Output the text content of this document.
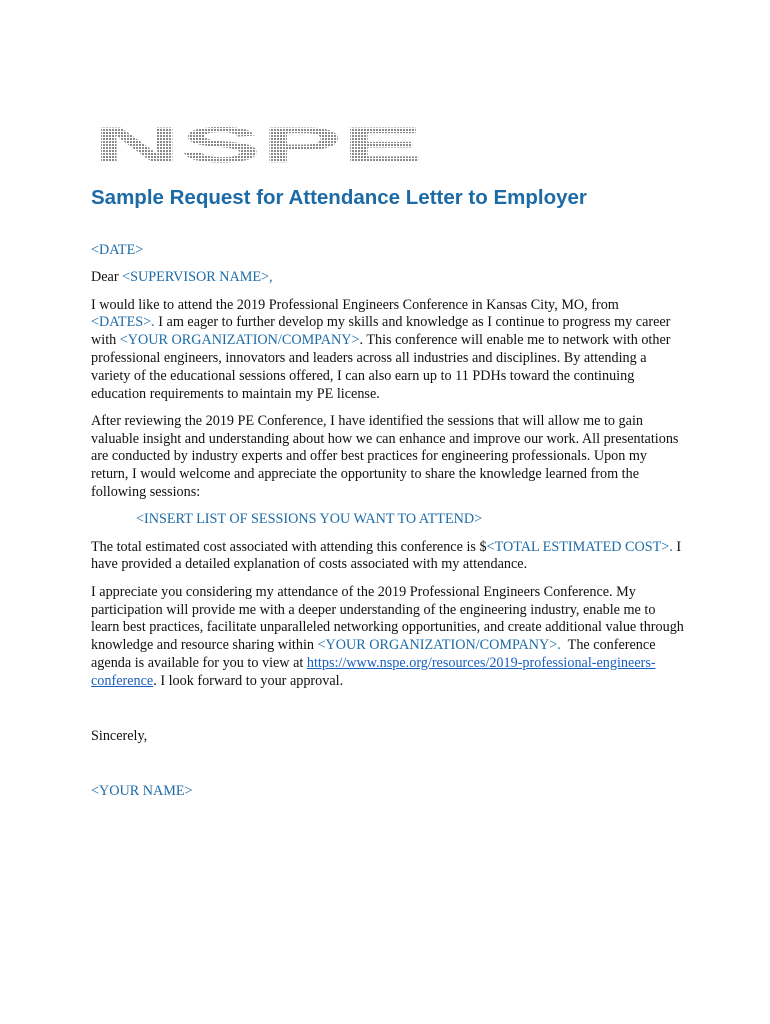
NSPE
Sample Request for Attendance Letter to Employer

<DATE>

Dear <SUPERVISOR NAME>,

I would like to attend the 2019 Professional Engineers Conference in Kansas City, MO, from <DATES>. I am eager to further develop my skills and knowledge as I continue to progress my career with <YOUR ORGANIZATION/COMPANY>. This conference will enable me to network with other professional engineers, innovators and leaders across all industries and disciplines. By attending a variety of the educational sessions offered, I can also earn up to 11 PDHs toward the continuing education requirements to maintain my PE license.

After reviewing the 2019 PE Conference, I have identified the sessions that will allow me to gain valuable insight and understanding about how we can enhance and improve our work. All presentations are conducted by industry experts and offer best practices for engineering professionals. Upon my return, I would welcome and appreciate the opportunity to share the knowledge learned from the following sessions:

<INSERT LIST OF SESSIONS YOU WANT TO ATTEND>

The total estimated cost associated with attending this conference is $<TOTAL ESTIMATED COST>. I have provided a detailed explanation of costs associated with my attendance.

I appreciate you considering my attendance of the 2019 Professional Engineers Conference. My participation will provide me with a deeper understanding of the engineering industry, enable me to learn best practices, facilitate unparalleled networking opportunities, and create additional value through knowledge and resource sharing within <YOUR ORGANIZATION/COMPANY>.  The conference agenda is available for you to view at https://www.nspe.org/resources/2019-professional-engineers-conference. I look forward to your approval.

Sincerely,

<YOUR NAME>
